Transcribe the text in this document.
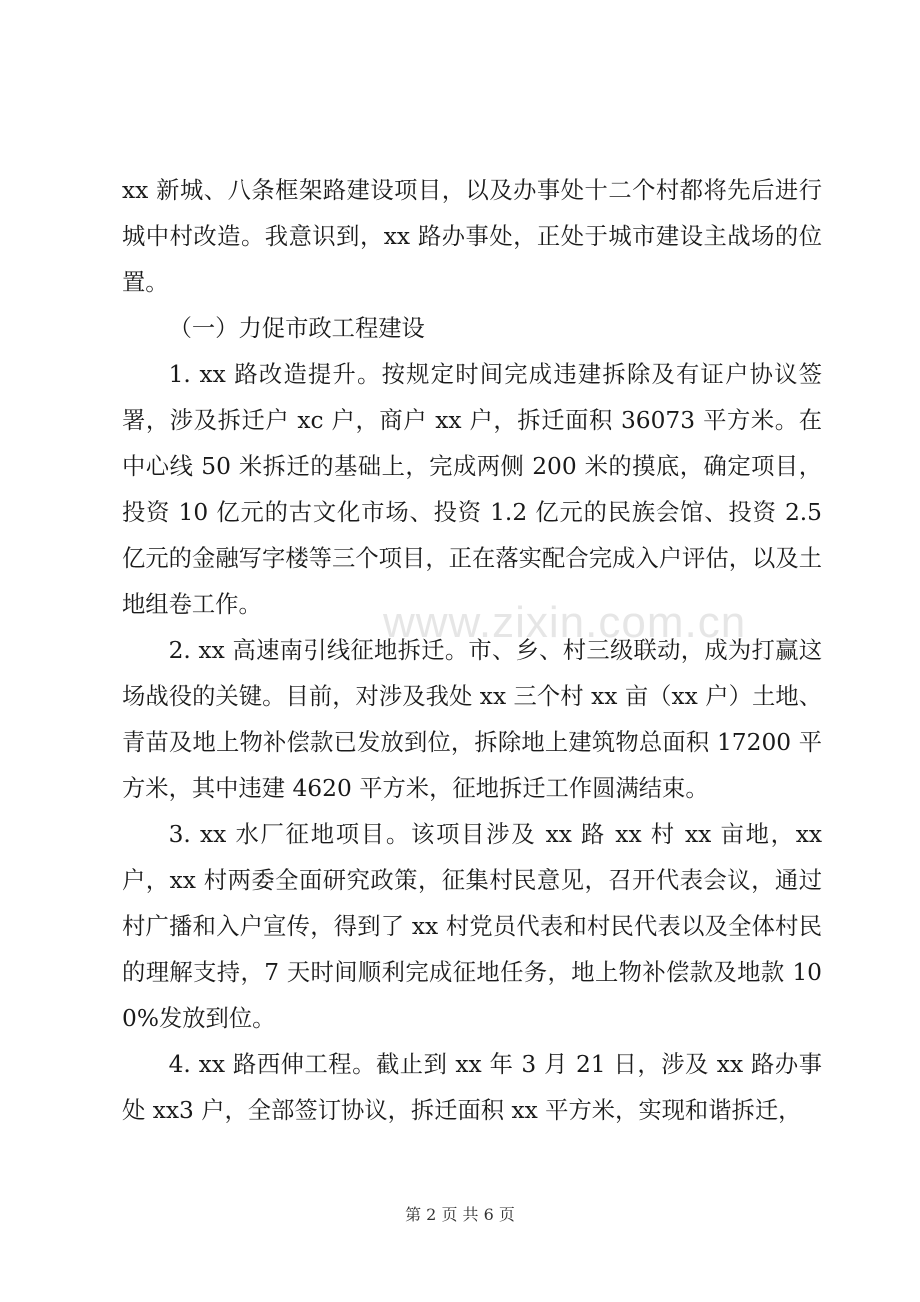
xx 新城、八条框架路建设项目，以及办事处十二个村都将先后进行城中村改造。我意识到，xx 路办事处，正处于城市建设主战场的位置。

（一）力促市政工程建设

1. xx 路改造提升。按规定时间完成违建拆除及有证户协议签署，涉及拆迁户 xc 户，商户 xx 户，拆迁面积 36073 平方米。在中心线 50 米拆迁的基础上，完成两侧 200 米的摸底，确定项目，投资 10 亿元的古文化市场、投资 1.2 亿元的民族会馆、投资 2.5 亿元的金融写字楼等三个项目，正在落实配合完成入户评估，以及土地组卷工作。

2. xx 高速南引线征地拆迁。市、乡、村三级联动，成为打赢这场战役的关键。目前，对涉及我处 xx 三个村 xx 亩（xx 户）土地、青苗及地上物补偿款已发放到位，拆除地上建筑物总面积 17200 平方米，其中违建 4620 平方米，征地拆迁工作圆满结束。

3. xx 水厂征地项目。该项目涉及 xx 路 xx 村 xx 亩地，xx 户，xx 村两委全面研究政策，征集村民意见，召开代表会议，通过村广播和入户宣传，得到了 xx 村党员代表和村民代表以及全体村民的理解支持，7 天时间顺利完成征地任务，地上物补偿款及地款 100%发放到位。

4. xx 路西伸工程。截止到 xx 年 3 月 21 日，涉及 xx 路办事处 xx3 户，全部签订协议，拆迁面积 xx 平方米，实现和谐拆迁，

www.zixin.com.cn
第 2 页 共 6 页
